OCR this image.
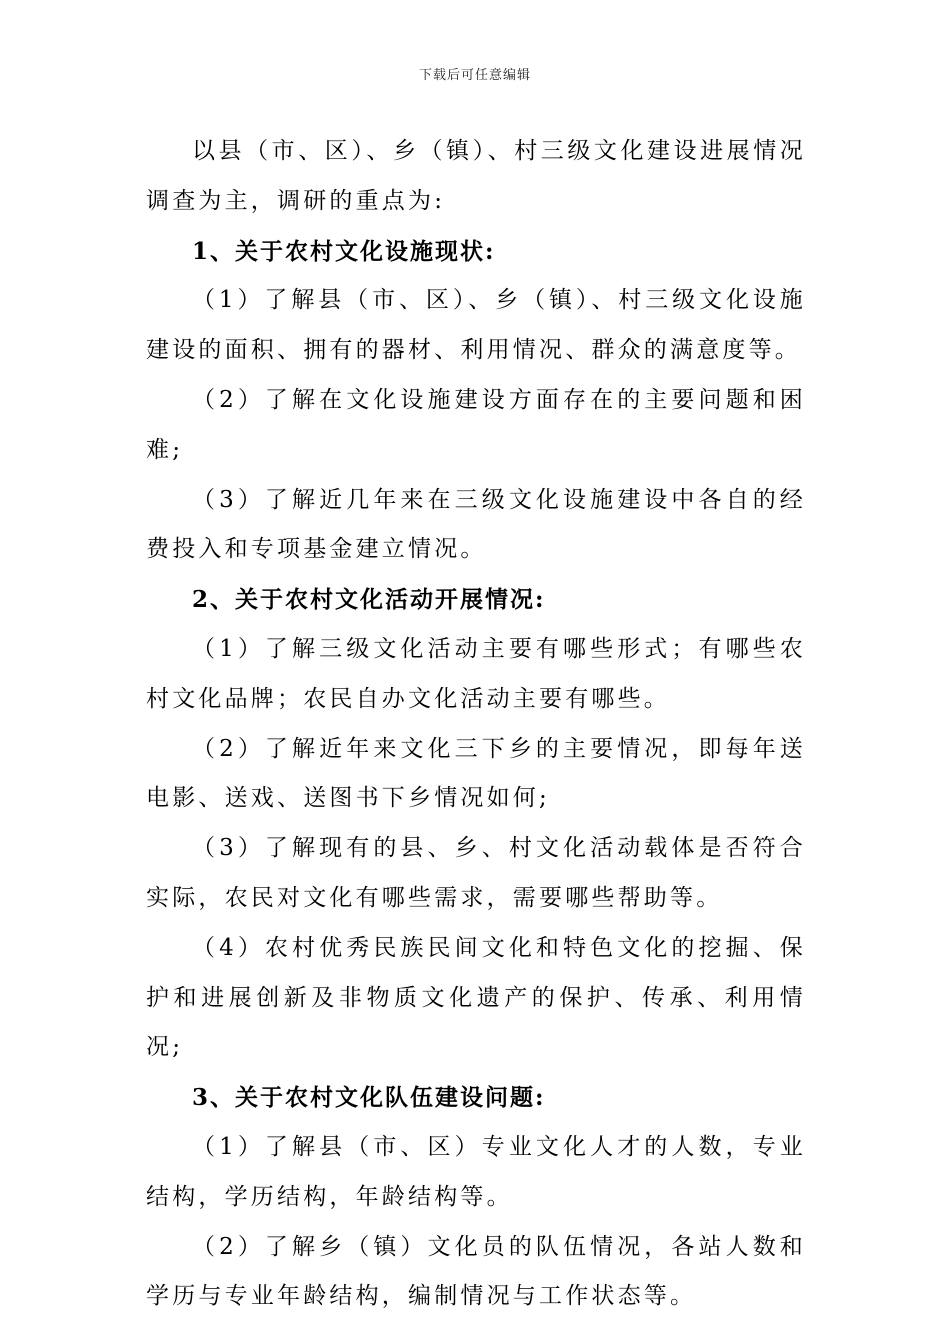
下载后可任意编辑

以县（市、区）、乡（镇）、村三级文化建设进展情况调查为主，调研的重点为:

1、关于农村文化设施现状:

（1）了解县（市、区）、乡（镇）、村三级文化设施建设的面积、拥有的器材、利用情况、群众的满意度等。

（2）了解在文化设施建设方面存在的主要问题和困难;

（3）了解近几年来在三级文化设施建设中各自的经费投入和专项基金建立情况。

2、关于农村文化活动开展情况:

（1）了解三级文化活动主要有哪些形式；有哪些农村文化品牌；农民自办文化活动主要有哪些。

（2）了解近年来文化三下乡的主要情况，即每年送电影、送戏、送图书下乡情况如何;

（3）了解现有的县、乡、村文化活动载体是否符合实际，农民对文化有哪些需求，需要哪些帮助等。

（4）农村优秀民族民间文化和特色文化的挖掘、保护和进展创新及非物质文化遗产的保护、传承、利用情况;

3、关于农村文化队伍建设问题:

（1）了解县（市、区）专业文化人才的人数，专业结构，学历结构，年龄结构等。

（2）了解乡（镇）文化员的队伍情况，各站人数和学历与专业年龄结构，编制情况与工作状态等。
